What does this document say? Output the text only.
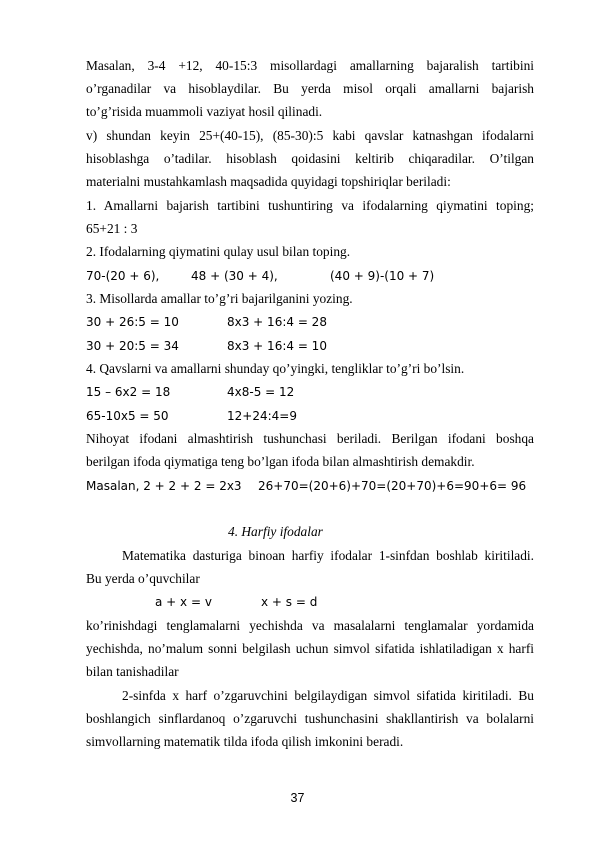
Masalan, 3-4 +12, 40-15:3 misollardagi amallarning bajaralish tartibini
o’rganadilar va hisoblaydilar. Bu yerda misol orqali amallarni bajarish
to’g’risida muammoli vaziyat hosil qilinadi.
v) shundan keyin 25+(40-15), (85-30):5 kabi qavslar katnashgan ifodalarni
hisoblashga o’tadilar. hisoblash qoidasini keltirib chiqaradilar. O’tilgan
materialni mustahkamlash maqsadida quyidagi topshiriqlar beriladi:
1. Amallarni bajarish tartibini tushuntiring va ifodalarning qiymatini toping;
65+21 : 3
2. Ifodalarning qiymatini qulay usul bilan toping.
70-(20 + 6),	48 + (30 + 4),	(40 + 9)-(10 + 7)
3. Misollarda amallar to’g’ri bajarilganini yozing.
30 + 26:5 = 10	8x3 + 16:4 = 28
30 + 20:5 = 34	8x3 + 16:4 = 10
4. Qavslarni va amallarni shunday qo’yingki, tengliklar to’g’ri bo’lsin.
15 – 6x2 = 18	4x8-5 = 12
65-10x5 = 50	12+24:4=9
Nihoyat ifodani almashtirish tushunchasi beriladi. Berilgan ifodani boshqa
berilgan ifoda qiymatiga teng bo’lgan ifoda bilan almashtirish demakdir.
Masalan, 2 + 2 + 2 = 2x3 26+70=(20+6)+70=(20+70)+6=90+6= 96
4. Harfiy ifodalar
Matematika dasturiga binoan harfiy ifodalar 1-sinfdan boshlab kiritiladi.
Bu yerda o’quvchilar
a + x = v	x + s = d
ko’rinishdagi tenglamalarni yechishda va masalalarni tenglamalar yordamida
yechishda, no’malum sonni belgilash uchun simvol sifatida ishlatiladigan x harfi
bilan tanishadilar
2-sinfda x harf o’zgaruvchini belgilaydigan simvol sifatida kiritiladi. Bu
boshlangich sinflardanoq o’zgaruvchi tushunchasini shakllantirish va bolalarni
simvollarning matematik tilda ifoda qilish imkonini beradi.
37
